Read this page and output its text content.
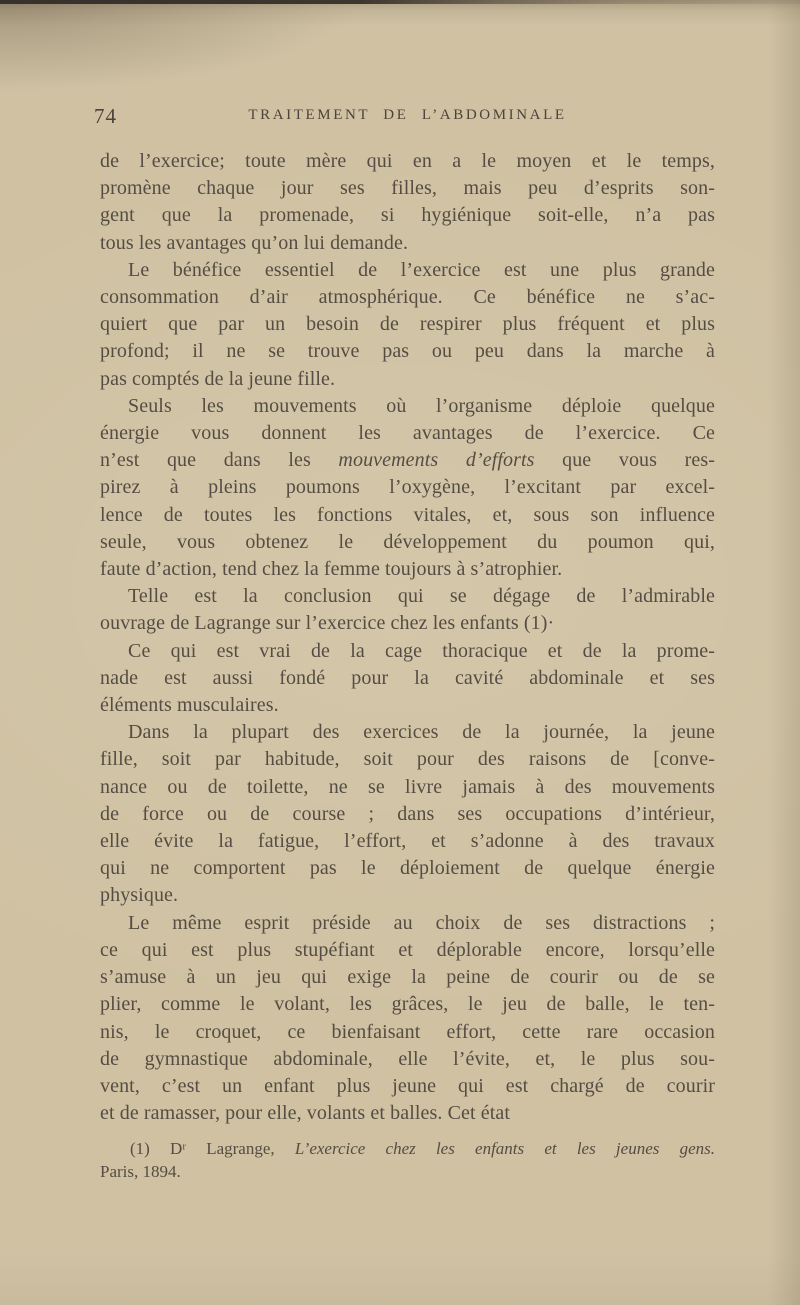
74	TRAITEMENT DE L’ABDOMINALE
de l’exercice; toute mère qui en a le moyen et le temps,
promène chaque jour ses filles, mais peu d’esprits son-
gent que la promenade, si hygiénique soit-elle, n’a pas
tous les avantages qu’on lui demande.
Le bénéfice essentiel de l’exercice est une plus grande
consommation d’air atmosphérique. Ce bénéfice ne s’ac-
quiert que par un besoin de respirer plus fréquent et plus
profond; il ne se trouve pas ou peu dans la marche à
pas comptés de la jeune fille.
Seuls les mouvements où l’organisme déploie quelque
énergie vous donnent les avantages de l’exercice. Ce
n’est que dans les mouvements d’efforts que vous res-
pirez à pleins poumons l’oxygène, l’excitant par excel-
lence de toutes les fonctions vitales, et, sous son influence
seule, vous obtenez le développement du poumon qui,
faute d’action, tend chez la femme toujours à s’atrophier.
Telle est la conclusion qui se dégage de l’admirable
ouvrage de Lagrange sur l’exercice chez les enfants (1)·
Ce qui est vrai de la cage thoracique et de la prome-
nade est aussi fondé pour la cavité abdominale et ses
éléments musculaires.
Dans la plupart des exercices de la journée, la jeune
fille, soit par habitude, soit pour des raisons de [conve-
nance ou de toilette, ne se livre jamais à des mouvements
de force ou de course ; dans ses occupations d’intérieur,
elle évite la fatigue, l’effort, et s’adonne à des travaux
qui ne comportent pas le déploiement de quelque énergie
physique.
Le même esprit préside au choix de ses distractions ;
ce qui est plus stupéfiant et déplorable encore, lorsqu’elle
s’amuse à un jeu qui exige la peine de courir ou de se
plier, comme le volant, les grâces, le jeu de balle, le ten-
nis, le croquet, ce bienfaisant effort, cette rare occasion
de gymnastique abdominale, elle l’évite, et, le plus sou-
vent, c’est un enfant plus jeune qui est chargé de courir
et de ramasser, pour elle, volants et balles. Cet état
(1) Dʳ Lagrange, L’exercice chez les enfants et les jeunes gens.
Paris, 1894.
